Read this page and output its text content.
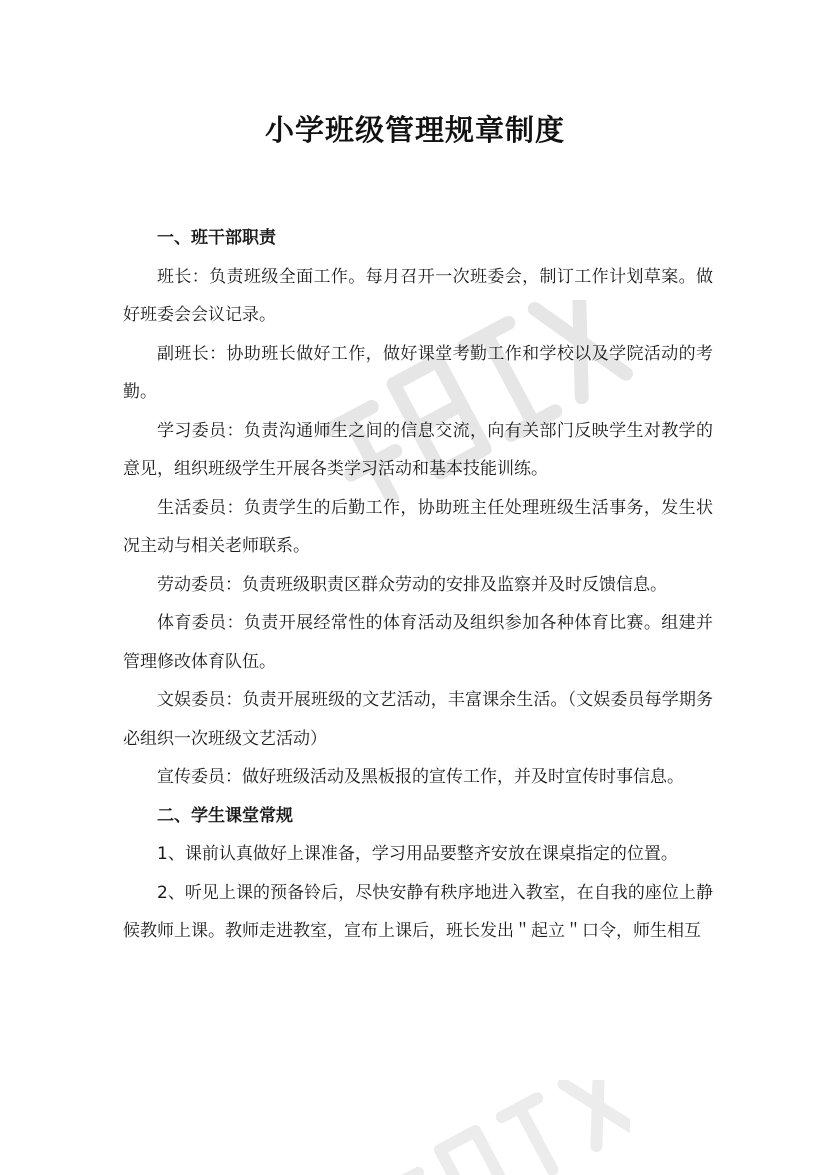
小学班级管理规章制度

一、班干部职责

班长：负责班级全面工作。每月召开一次班委会，制订工作计划草案。做好班委会会议记录。

副班长：协助班长做好工作，做好课堂考勤工作和学校以及学院活动的考勤。

学习委员：负责沟通师生之间的信息交流，向有关部门反映学生对教学的意见，组织班级学生开展各类学习活动和基本技能训练。

生活委员：负责学生的后勤工作，协助班主任处理班级生活事务，发生状况主动与相关老师联系。

劳动委员：负责班级职责区群众劳动的安排及监察并及时反馈信息。

体育委员：负责开展经常性的体育活动及组织参加各种体育比赛。组建并管理修改体育队伍。

文娱委员：负责开展班级的文艺活动，丰富课余生活。（文娱委员每学期务必组织一次班级文艺活动）

宣传委员：做好班级活动及黑板报的宣传工作，并及时宣传时事信息。

二、学生课堂常规

1、课前认真做好上课准备，学习用品要整齐安放在课桌指定的位置。

2、听见上课的预备铃后，尽快安静有秩序地进入教室，在自我的座位上静候教师上课。教师走进教室，宣布上课后，班长发出＂起立＂口令，师生相互
